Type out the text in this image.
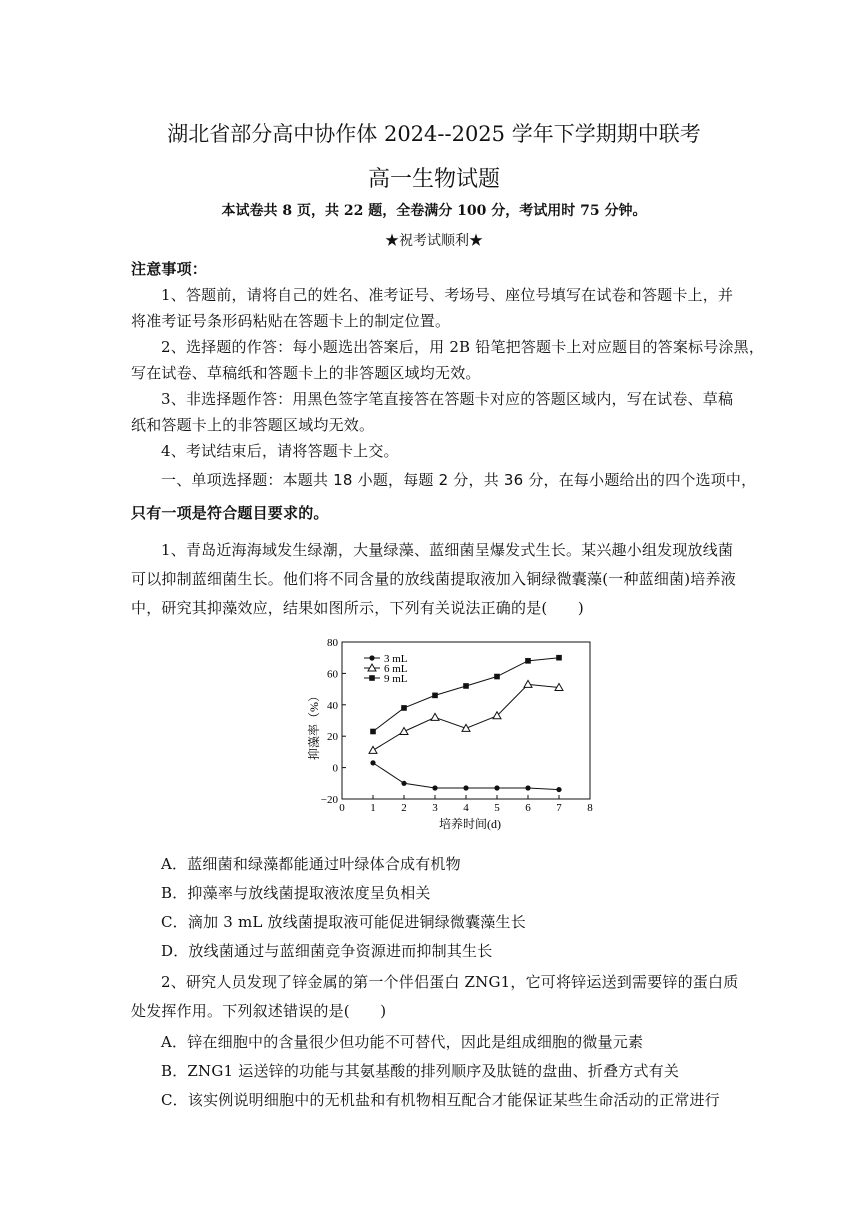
湖北省部分高中协作体 2024--2025 学年下学期期中联考
高一生物试题
本试卷共 8 页，共 22 题，全卷满分 100 分，考试用时 75 分钟。
★祝考试顺利★
注意事项：
1、答题前，请将自己的姓名、准考证号、考场号、座位号填写在试卷和答题卡上，并
将准考证号条形码粘贴在答题卡上的制定位置。
2、选择题的作答：每小题选出答案后，用 2B 铅笔把答题卡上对应题目的答案标号涂黑，
写在试卷、草稿纸和答题卡上的非答题区域均无效。
3、非选择题作答：用黑色签字笔直接答在答题卡对应的答题区域内，写在试卷、草稿
纸和答题卡上的非答题区域均无效。
4、考试结束后，请将答题卡上交。
一、单项选择题：本题共 18 小题，每题 2 分，共 36 分，在每小题给出的四个选项中，
只有一项是符合题目要求的。
1、青岛近海海域发生绿潮，大量绿藻、蓝细菌呈爆发式生长。某兴趣小组发现放线菌
可以抑制蓝细菌生长。他们将不同含量的放线菌提取液加入铜绿微囊藻(一种蓝细菌)培养液
中，研究其抑藻效应，结果如图所示，下列有关说法正确的是(　　)
0 1 2 3 4 5 6 7 8
−20
0
20
40
60
80
3 mL
6 mL
9 mL
培养时间(d)
抑藻率（%）
A．蓝细菌和绿藻都能通过叶绿体合成有机物
B．抑藻率与放线菌提取液浓度呈负相关
C．滴加 3 mL 放线菌提取液可能促进铜绿微囊藻生长
D．放线菌通过与蓝细菌竞争资源进而抑制其生长
2、研究人员发现了锌金属的第一个伴侣蛋白 ZNG1，它可将锌运送到需要锌的蛋白质
处发挥作用。下列叙述错误的是(　　)
A．锌在细胞中的含量很少但功能不可替代，因此是组成细胞的微量元素
B．ZNG1 运送锌的功能与其氨基酸的排列顺序及肽链的盘曲、折叠方式有关
C．该实例说明细胞中的无机盐和有机物相互配合才能保证某些生命活动的正常进行
